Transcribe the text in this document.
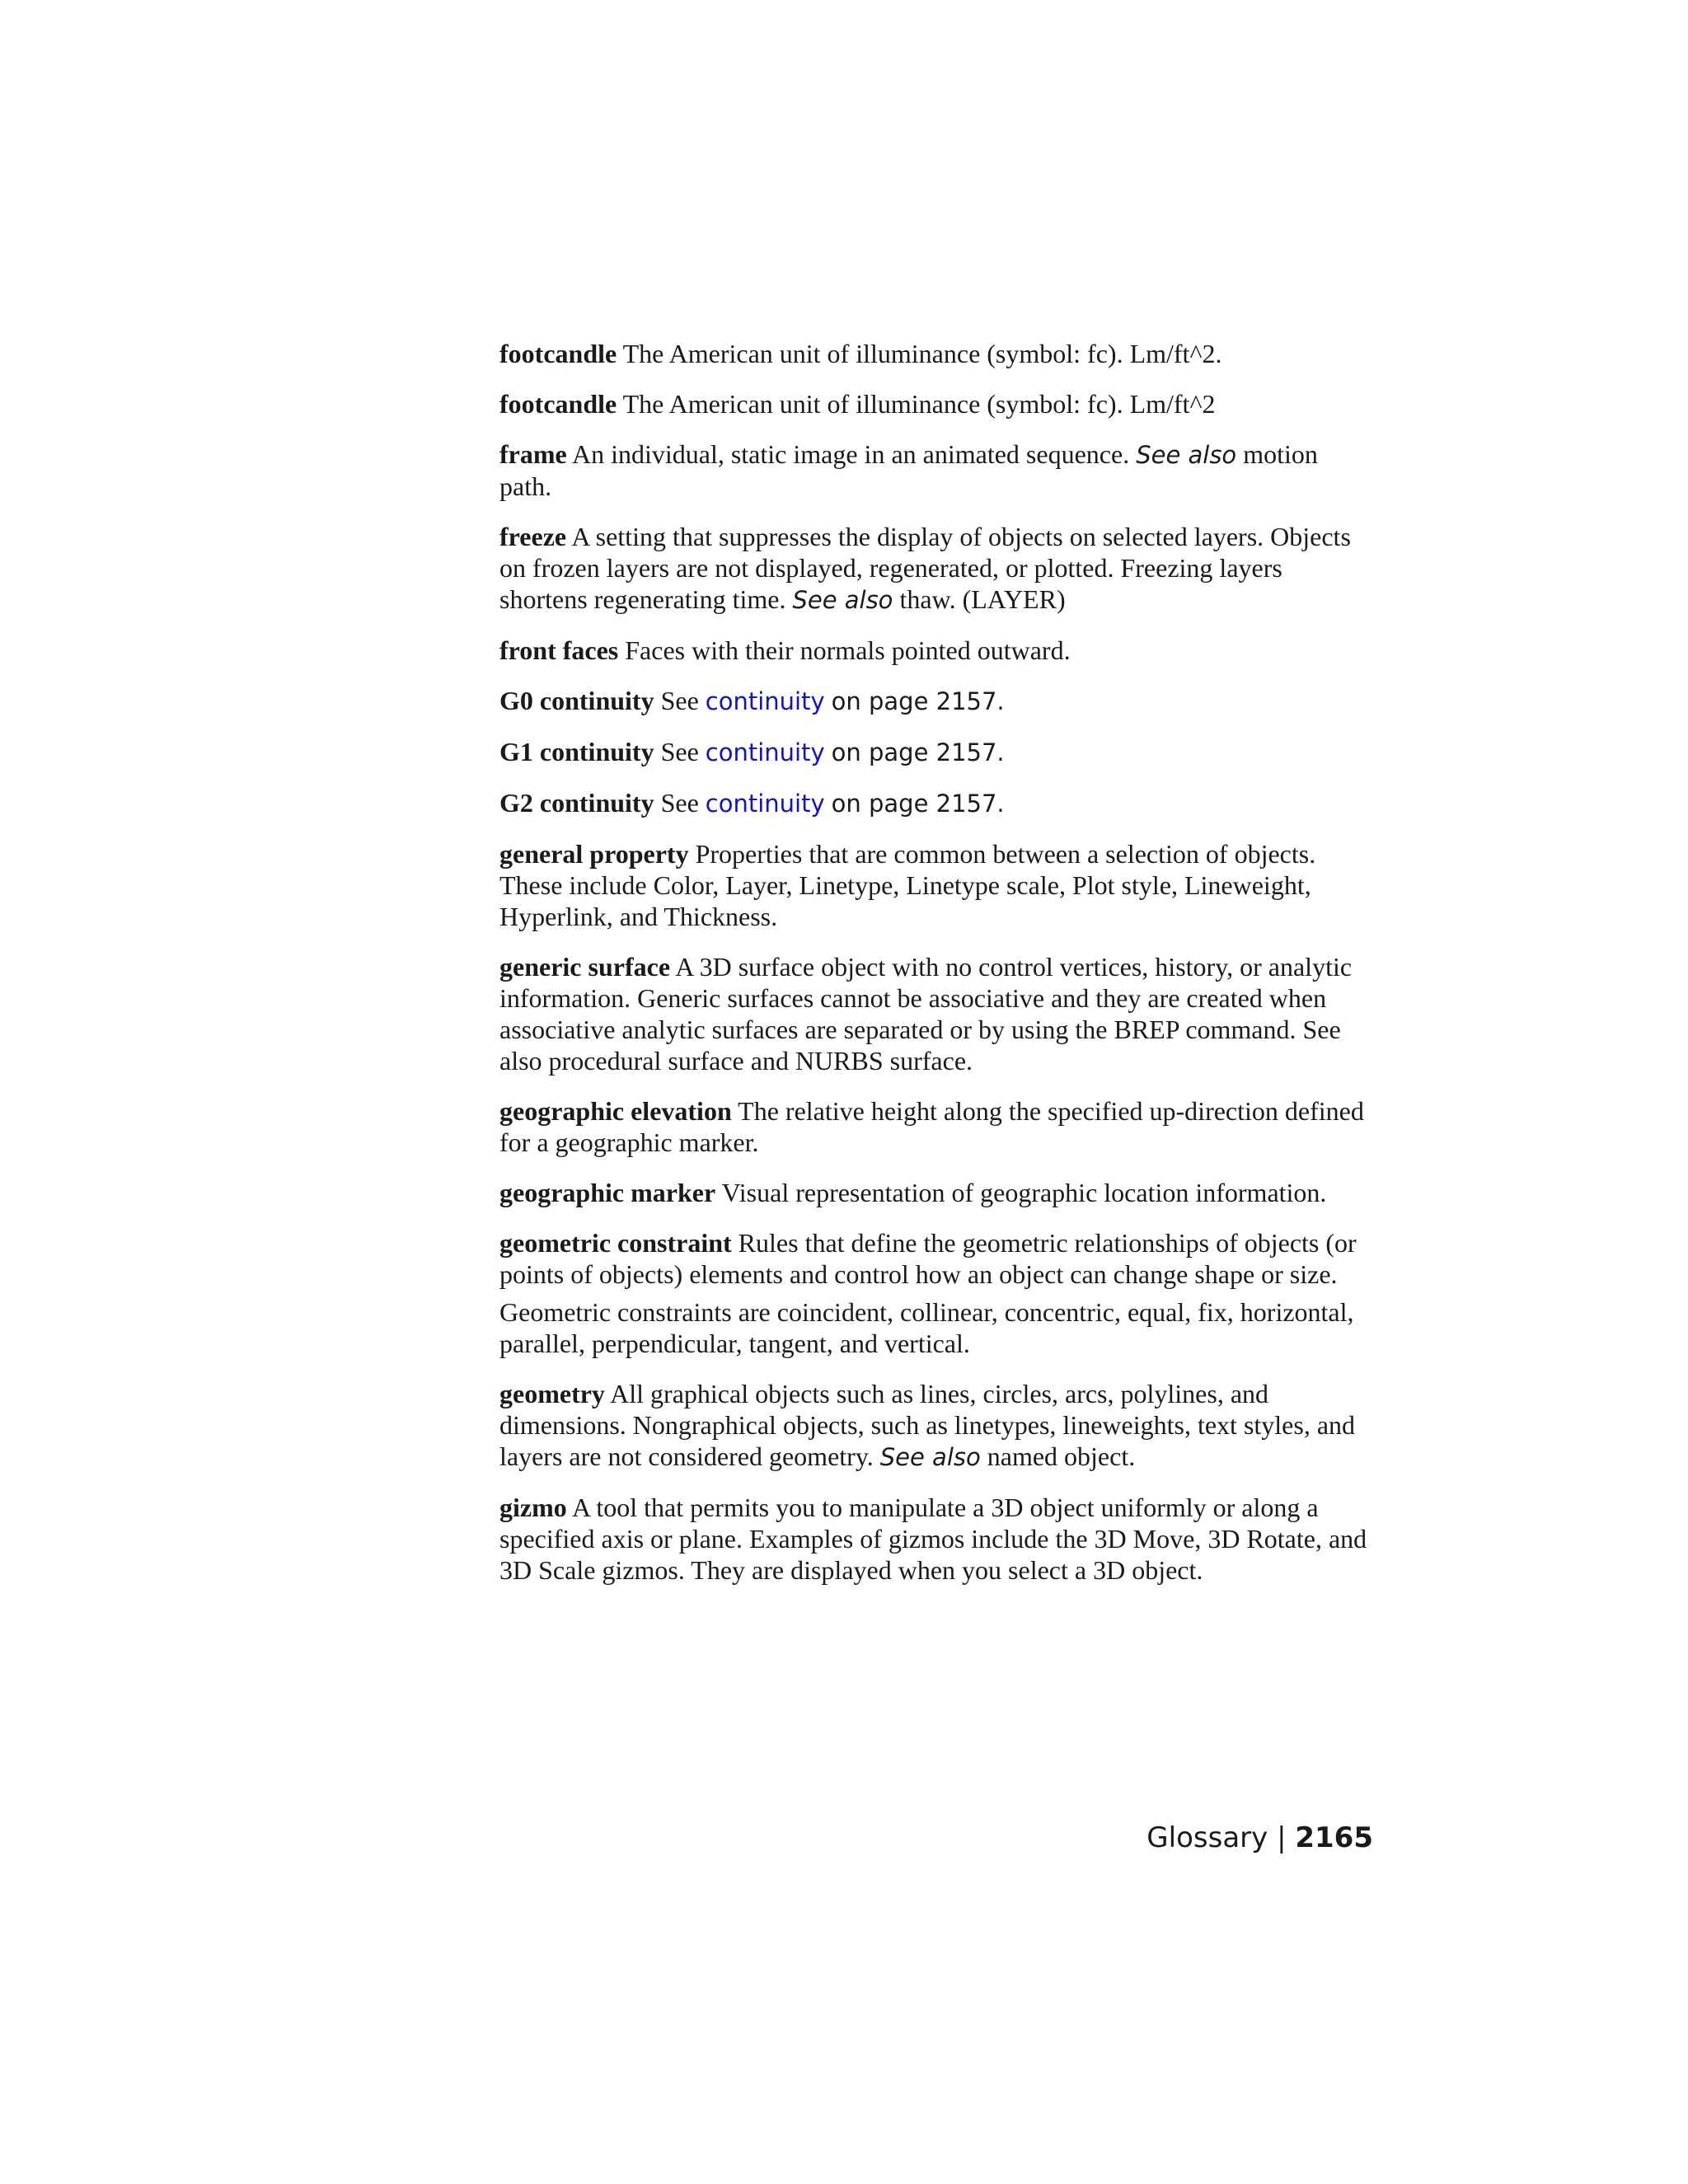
footcandle The American unit of illuminance (symbol: fc). Lm/ft^2.

footcandle The American unit of illuminance (symbol: fc). Lm/ft^2

frame An individual, static image in an animated sequence. See also motion path.

freeze A setting that suppresses the display of objects on selected layers. Objects on frozen layers are not displayed, regenerated, or plotted. Freezing layers shortens regenerating time. See also thaw. (LAYER)

front faces Faces with their normals pointed outward.

G0 continuity See continuity on page 2157.

G1 continuity See continuity on page 2157.

G2 continuity See continuity on page 2157.

general property Properties that are common between a selection of objects. These include Color, Layer, Linetype, Linetype scale, Plot style, Lineweight, Hyperlink, and Thickness.

generic surface A 3D surface object with no control vertices, history, or analytic information. Generic surfaces cannot be associative and they are created when associative analytic surfaces are separated or by using the BREP command. See also procedural surface and NURBS surface.

geographic elevation The relative height along the specified up-direction defined for a geographic marker.

geographic marker Visual representation of geographic location information.

geometric constraint Rules that define the geometric relationships of objects (or points of objects) elements and control how an object can change shape or size.

Geometric constraints are coincident, collinear, concentric, equal, fix, horizontal, parallel, perpendicular, tangent, and vertical.

geometry All graphical objects such as lines, circles, arcs, polylines, and dimensions. Nongraphical objects, such as linetypes, lineweights, text styles, and layers are not considered geometry. See also named object.

gizmo A tool that permits you to manipulate a 3D object uniformly or along a specified axis or plane. Examples of gizmos include the 3D Move, 3D Rotate, and 3D Scale gizmos. They are displayed when you select a 3D object.

Glossary | 2165
